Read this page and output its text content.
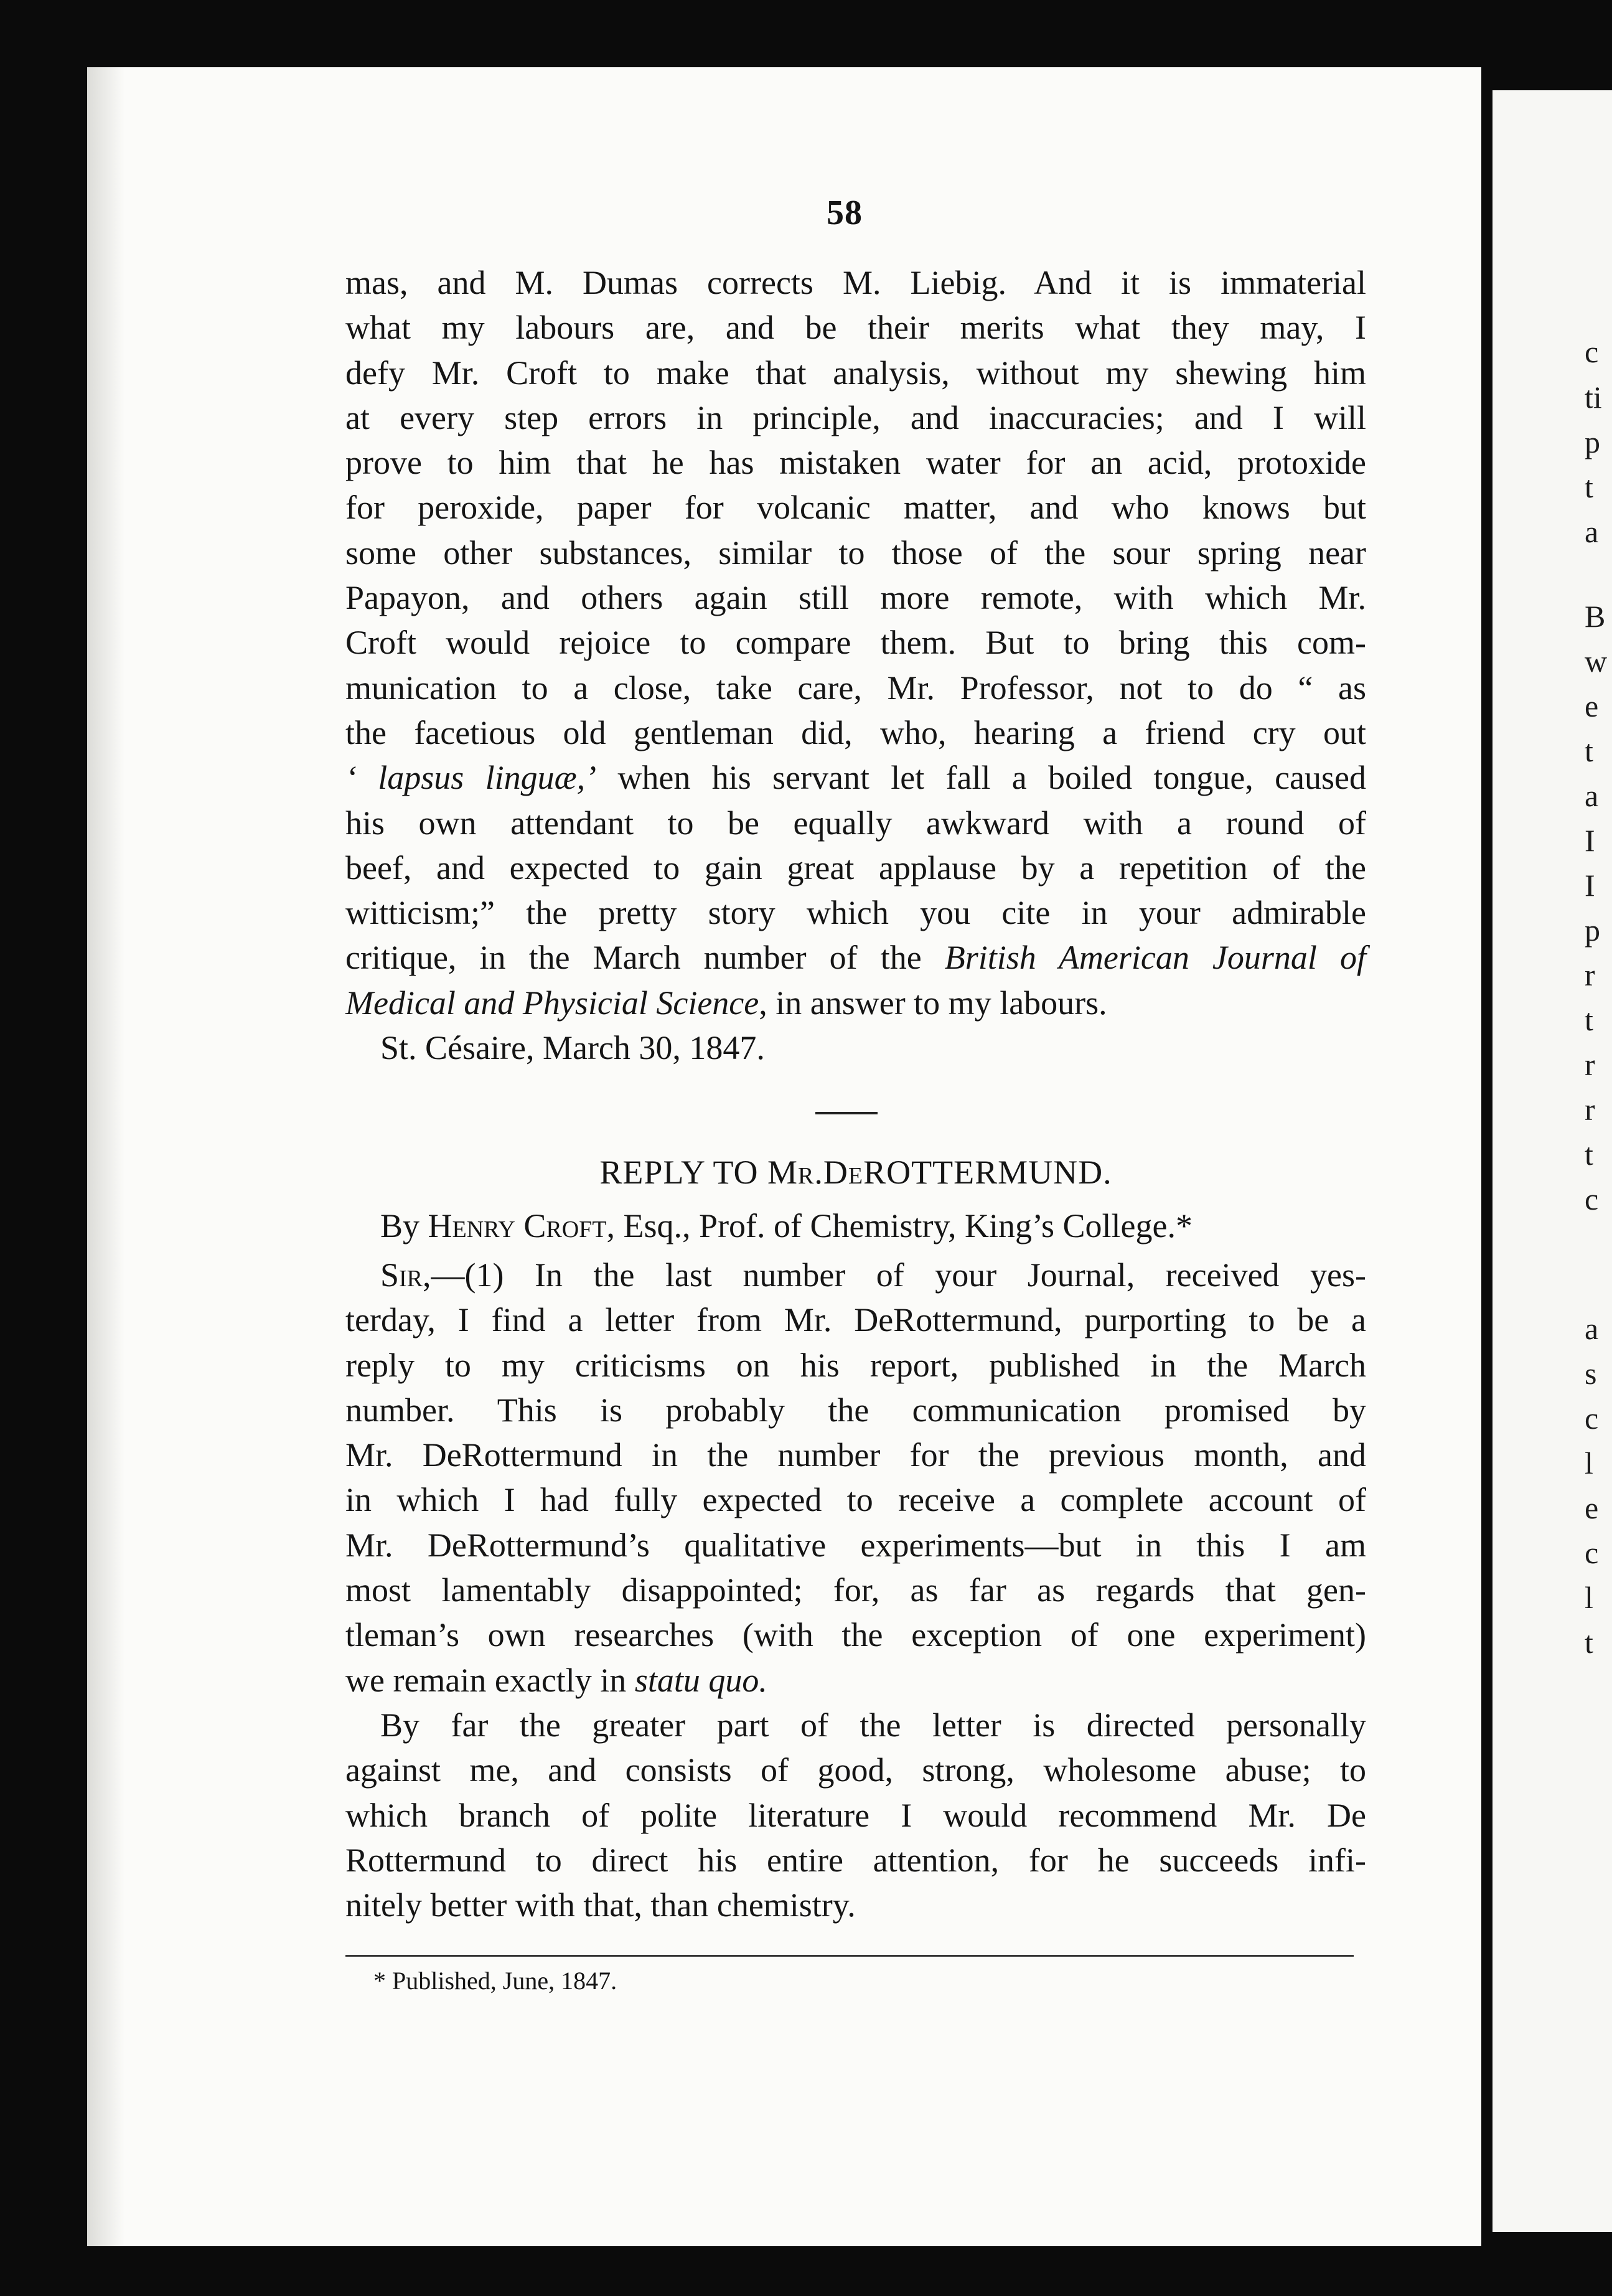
c
ti
p
t
a
B
w
e
t
a
I
I
p
r
t
r
r
t
c
a
s
c
l
e
c
l
t
58
mas, and M. Dumas corrects M. Liebig. And it is immaterial
what my labours are, and be their merits what they may, I
defy Mr. Croft to make that analysis, without my shewing him
at every step errors in principle, and inaccuracies; and I will
prove to him that he has mistaken water for an acid, protoxide
for peroxide, paper for volcanic matter, and who knows but
some other substances, similar to those of the sour spring near
Papayon, and others again still more remote, with which Mr.
Croft would rejoice to compare them. But to bring this com-
munication to a close, take care, Mr. Professor, not to do “ as
the facetious old gentleman did, who, hearing a friend cry out
‘ lapsus linguæ,’ when his servant let fall a boiled tongue, caused
his own attendant to be equally awkward with a round of
beef, and expected to gain great applause by a repetition of the
witticism;” the pretty story which you cite in your admirable
critique, in the March number of the British American Journal of
Medical and Physicial Science, in answer to my labours.
St. Césaire, March 30, 1847.
REPLY TO Mr.DeROTTERMUND.
By Henry Croft, Esq., Prof. of Chemistry, King’s College.*
Sir,—(1) In the last number of your Journal, received yes-
terday, I find a letter from Mr. DeRottermund, purporting to be a
reply to my criticisms on his report, published in the March
number. This is probably the communication promised by
Mr. DeRottermund in the number for the previous month, and
in which I had fully expected to receive a complete account of
Mr. DeRottermund’s qualitative experiments—but in this I am
most lamentably disappointed; for, as far as regards that gen-
tleman’s own researches (with the exception of one experiment)
we remain exactly in statu quo.
By far the greater part of the letter is directed personally
against me, and consists of good, strong, wholesome abuse; to
which branch of polite literature I would recommend Mr. De
Rottermund to direct his entire attention, for he succeeds infi-
nitely better with that, than chemistry.
* Published, June, 1847.
